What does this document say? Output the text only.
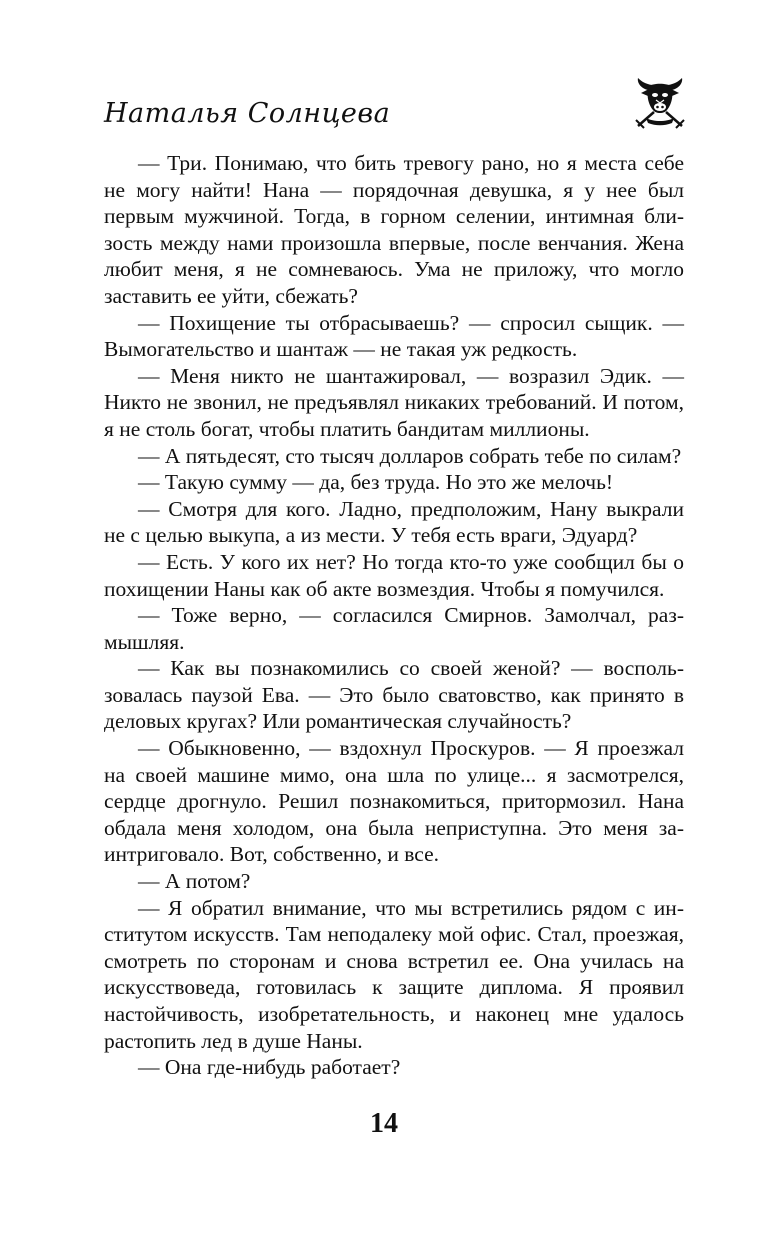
Наталья Солнцева

— Три. Понимаю, что бить тревогу рано, но я места себе не могу найти! Нана — порядочная девушка, я у нее был первым мужчиной. Тогда, в горном селении, интимная близость между нами произошла впервые, после венчания. Жена любит меня, я не сомневаюсь. Ума не приложу, что могло заставить ее уйти, сбежать?

— Похищение ты отбрасываешь? — спросил сыщик. — Вымогательство и шантаж — не такая уж редкость.

— Меня никто не шантажировал, — возразил Эдик. — Никто не звонил, не предъявлял никаких требований. И потом, я не столь богат, чтобы платить бандитам миллионы.

— А пятьдесят, сто тысяч долларов собрать тебе по силам?

— Такую сумму — да, без труда. Но это же мелочь!

— Смотря для кого. Ладно, предположим, Нану выкрали не с целью выкупа, а из мести. У тебя есть враги, Эдуард?

— Есть. У кого их нет? Но тогда кто-то уже сообщил бы о похищении Наны как об акте возмездия. Чтобы я помучился.

— Тоже верно, — согласился Смирнов. Замолчал, размышляя.

— Как вы познакомились со своей женой? — воспользовалась паузой Ева. — Это было сватовство, как принято в деловых кругах? Или романтическая случайность?

— Обыкновенно, — вздохнул Проскуров. — Я проезжал на своей машине мимо, она шла по улице... я засмотрелся, сердце дрогнуло. Решил познакомиться, притормозил. Нана обдала меня холодом, она была неприступна. Это меня заинтриговало. Вот, собственно, и все.

— А потом?

— Я обратил внимание, что мы встретились рядом с институтом искусств. Там неподалеку мой офис. Стал, проезжая, смотреть по сторонам и снова встретил ее. Она училась на искусствоведа, готовилась к защите диплома. Я проявил настойчивость, изобретательность, и наконец мне удалось растопить лед в душе Наны.

— Она где-нибудь работает?

14
